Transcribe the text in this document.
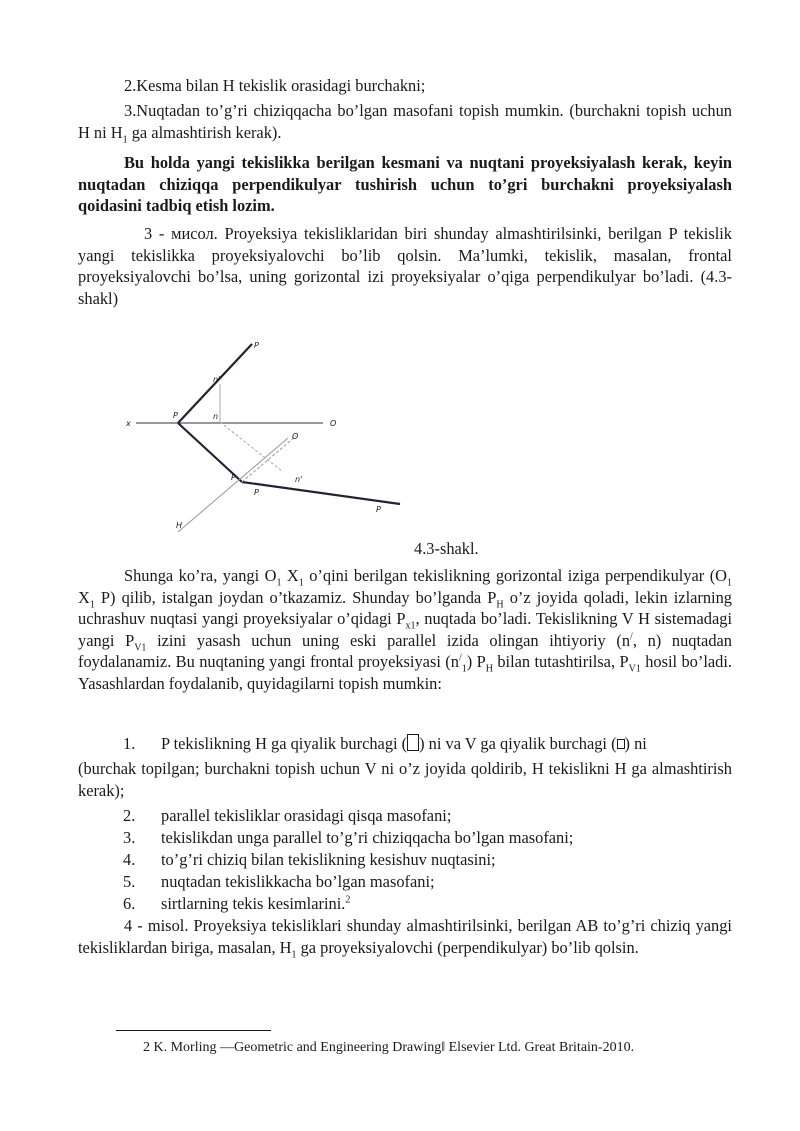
2.Kesma bilan H tekislik orasidagi burchakni;

3.Nuqtadan to’g’ri chiziqqacha bo’lgan masofani topish mumkin. (burchakni topish uchun H ni $H_1$ ga almashtirish kerak).

Bu holda yangi tekislikka berilgan kesmani va nuqtani proyeksiyalash kerak, keyin nuqtadan chiziqqa perpendikulyar tushirish uchun to’gri burchakni proyeksiyalash qoidasini tadbiq etish lozim.

3 - мисол. Proyeksiya tekisliklaridan biri shunday almashtirilsinki, berilgan P tekislik yangi tekislikka proyeksiyalovchi bo’lib qolsin. Ma’lumki, tekislik, masalan, frontal proyeksiyalovchi bo’lsa, uning gorizontal izi proyeksiyalar o’qiga perpendikulyar bo’ladi. (4.3-shakl)

x	O
P
P
n'
n
O
n'
P
P
P
H
4.3-shakl.

Shunga ko’ra, yangi $O_1$ $X_1$ o’qini berilgan tekislikning gorizontal iziga perpendikulyar ($O_1$ $X_1$ P) qilib, istalgan joydan o’tkazamiz. Shunday bo’lganda $P_H$ o’z joyida qoladi, lekin izlarning uchrashuv nuqtasi yangi proyeksiyalar o’qidagi $P_{x1}$, nuqtada bo’ladi. Tekislikning V H sistemadagi yangi $P_{V1}$ izini yasash uchun uning eski parallel izida olingan ihtiyoriy (n/, n) nuqtadan foydalanamiz. Bu nuqtaning yangi frontal proyeksiyasi $(n^/_1)$ $P_H$ bilan tutashtirilsa, $P_{V1}$ hosil bo’ladi. Yasashlardan foydalanib, quyidagilarni topish mumkin:

1. P tekislikning H ga qiyalik burchagi ( ) ni va V ga qiyalik burchagi ( ) ni

(burchak topilgan; burchakni topish uchun V ni o’z joyida qoldirib, H tekislikni H ga almashtirish kerak);

2. parallel tekisliklar orasidagi qisqa masofani;

3. tekislikdan unga parallel to’g’ri chiziqqacha bo’lgan masofani;

4. to’g’ri chiziq bilan tekislikning kesishuv nuqtasini;

5. nuqtadan tekislikkacha bo’lgan masofani;

6. sirtlarning tekis kesimlarini.$^2$

4 - misol. Proyeksiya tekisliklari shunday almashtirilsinki, berilgan AB to’g’ri chiziq yangi tekisliklardan biriga, masalan, $H_1$ ga proyeksiyalovchi (perpendikulyar) bo’lib qolsin.

2 K. Morling —Geometric and Engineering Drawing‖ Elsevier Ltd. Great Britain-2010.
